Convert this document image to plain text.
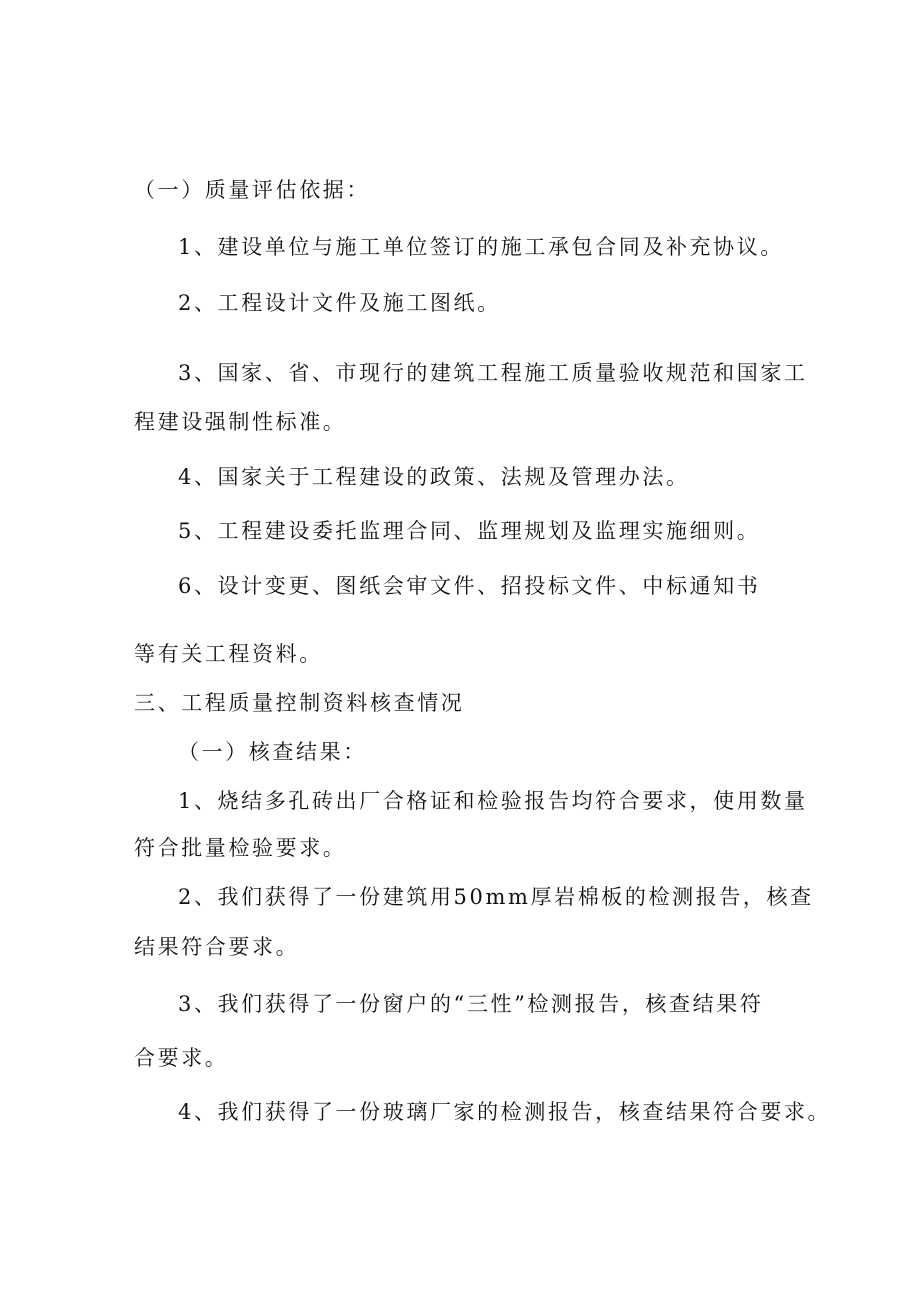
（一）质量评估依据：
1、建设单位与施工单位签订的施工承包合同及补充协议。
2、工程设计文件及施工图纸。
3、国家、省、市现行的建筑工程施工质量验收规范和国家工
程建设强制性标准。
4、国家关于工程建设的政策、法规及管理办法。
5、工程建设委托监理合同、监理规划及监理实施细则。
6、设计变更、图纸会审文件、招投标文件、中标通知书
等有关工程资料。
三、工程质量控制资料核查情况
（一）核查结果：
1、烧结多孔砖出厂合格证和检验报告均符合要求，使用数量
符合批量检验要求。
2、我们获得了一份建筑用50mm厚岩棉板的检测报告，核查
结果符合要求。
3、我们获得了一份窗户的“三性”检测报告，核查结果符
合要求。
4、我们获得了一份玻璃厂家的检测报告，核查结果符合要求。
